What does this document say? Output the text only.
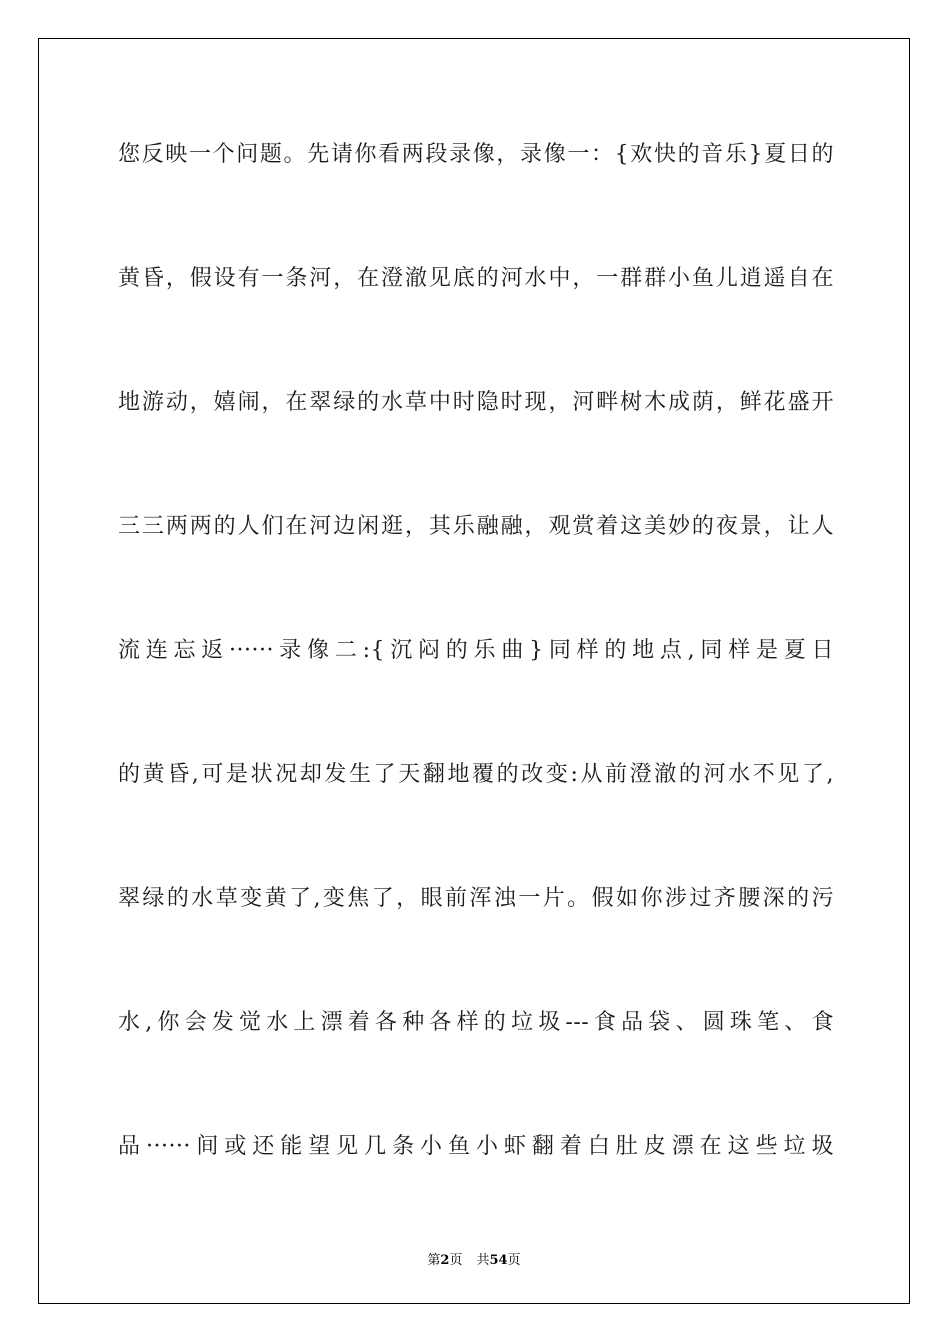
您反映一个问题。先请你看两段录像，录像一：{欢快的音乐}夏日的
黄昏，假设有一条河，在澄澈见底的河水中，一群群小鱼儿逍遥自在
地游动，嬉闹，在翠绿的水草中时隐时现，河畔树木成荫，鲜花盛开
三三两两的人们在河边闲逛，其乐融融，观赏着这美妙的夜景，让人
流连忘返······录像二:{沉闷的乐曲}同样的地点,同样是夏日
的黄昏,可是状况却发生了天翻地覆的改变:从前澄澈的河水不见了,
翠绿的水草变黄了,变焦了，眼前浑浊一片。假如你涉过齐腰深的污
水,你会发觉水上漂着各种各样的垃圾---食品袋、圆珠笔、食
品······间或还能望见几条小鱼小虾翻着白肚皮漂在这些垃圾
第2页 共54页
